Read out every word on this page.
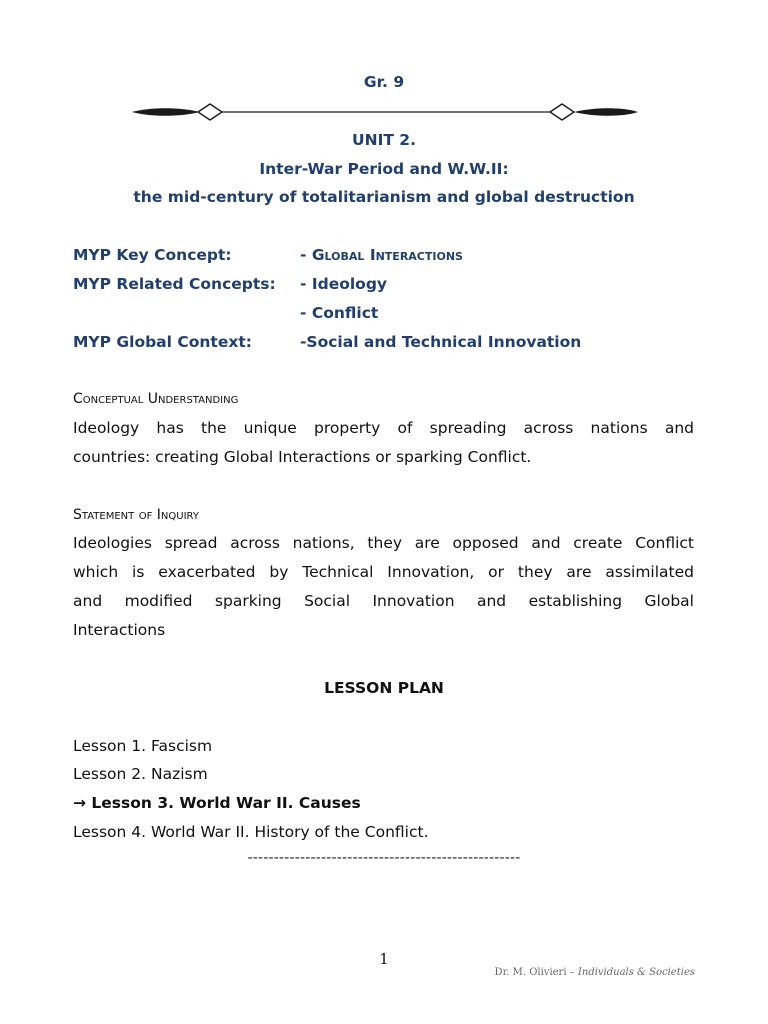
Gr. 9
UNIT 2.
Inter-War Period and W.W.II:
the mid-century of totalitarianism and global destruction
MYP Key Concept:	- Global Interactions
MYP Related Concepts: - Ideology
- Conflict
MYP Global Context:	-Social and Technical Innovation
Conceptual Understanding
Ideology has the unique property of spreading across nations and
countries: creating Global Interactions or sparking Conflict.
Statement of Inquiry
Ideologies spread across nations, they are opposed and create Conflict
which is exacerbated by Technical Innovation, or they are assimilated
and modified sparking Social Innovation and establishing Global
Interactions
LESSON PLAN
Lesson 1. Fascism
Lesson 2. Nazism
→ Lesson 3. World War II. Causes
Lesson 4. World War II. History of the Conflict.
----------------------------------------------------
1
Dr. M. Olivieri – Individuals & Societies
